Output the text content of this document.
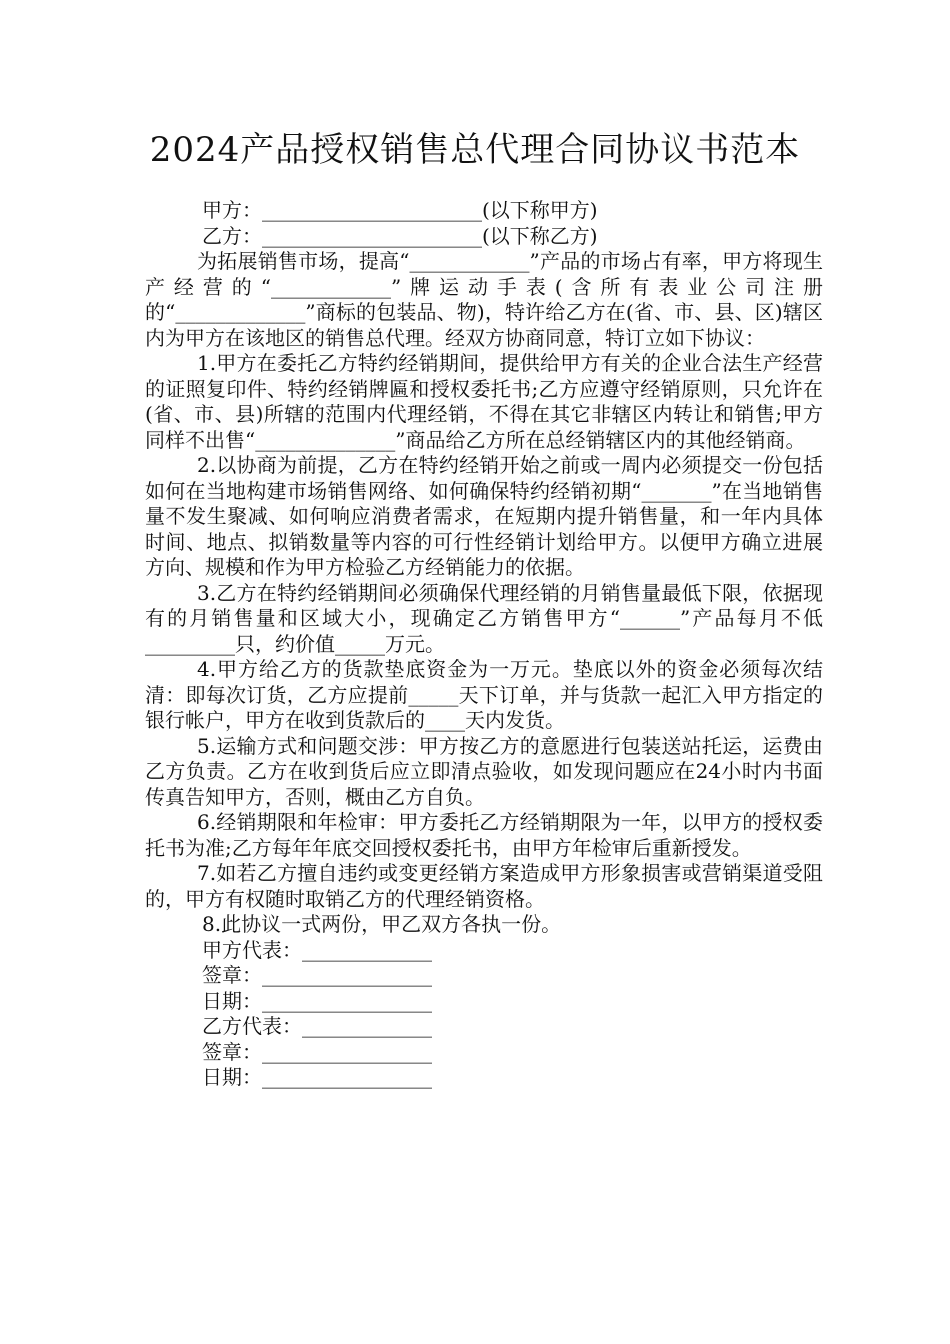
2024产品授权销售总代理合同协议书范本

甲方：______________________(以下称甲方)

乙方：______________________(以下称乙方)

为拓展销售市场，提高“____________”产品的市场占有率，甲方将现生产经营的“____________”牌运动手表(含所有表业公司注册的“_____________”商标的包装品、物)，特许给乙方在(省、市、县、区)辖区内为甲方在该地区的销售总代理。经双方协商同意，特订立如下协议：

1.甲方在委托乙方特约经销期间，提供给甲方有关的企业合法生产经营的证照复印件、特约经销牌匾和授权委托书;乙方应遵守经销原则，只允许在(省、市、县)所辖的范围内代理经销，不得在其它非辖区内转让和销售;甲方同样不出售“______________”商品给乙方所在总经销辖区内的其他经销商。

2.以协商为前提，乙方在特约经销开始之前或一周内必须提交一份包括如何在当地构建市场销售网络、如何确保特约经销初期“_______”在当地销售量不发生聚减、如何响应消费者需求，在短期内提升销售量，和一年内具体时间、地点、拟销数量等内容的可行性经销计划给甲方。以便甲方确立进展方向、规模和作为甲方检验乙方经销能力的依据。

3.乙方在特约经销期间必须确保代理经销的月销售量最低下限，依据现有的月销售量和区域大小，现确定乙方销售甲方“______”产品每月不低_________只，约价值_____万元。

4.甲方给乙方的货款垫底资金为一万元。垫底以外的资金必须每次结清：即每次订货，乙方应提前_____天下订单，并与货款一起汇入甲方指定的银行帐户，甲方在收到货款后的____天内发货。

5.运输方式和问题交涉：甲方按乙方的意愿进行包装送站托运，运费由乙方负责。乙方在收到货后应立即清点验收，如发现问题应在24小时内书面传真告知甲方，否则，概由乙方自负。

6.经销期限和年检审：甲方委托乙方经销期限为一年，以甲方的授权委托书为准;乙方每年年底交回授权委托书，由甲方年检审后重新授发。

7.如若乙方擅自违约或变更经销方案造成甲方形象损害或营销渠道受阻的，甲方有权随时取销乙方的代理经销资格。

8.此协议一式两份，甲乙双方各执一份。

甲方代表：_____________

签章：_________________

日期：_________________

乙方代表：_____________

签章：_________________

日期：_________________
